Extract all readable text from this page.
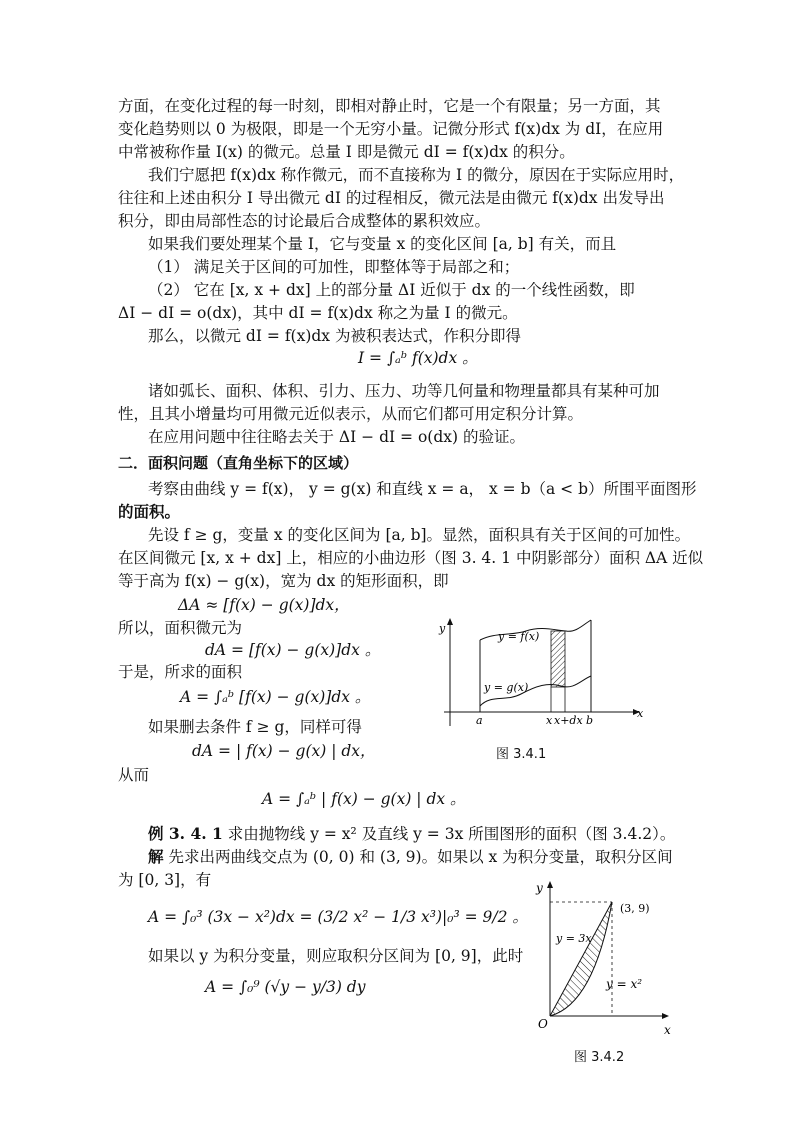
方面，在变化过程的每一时刻，即相对静止时，它是一个有限量；另一方面，其
变化趋势则以 0 为极限，即是一个无穷小量。记微分形式 f(x)dx 为 dI，在应用
中常被称作量 I(x) 的微元。总量 I 即是微元 dI = f(x)dx 的积分。
我们宁愿把 f(x)dx 称作微元，而不直接称为 I 的微分，原因在于实际应用时，
往往和上述由积分 I 导出微元 dI 的过程相反，微元法是由微元 f(x)dx 出发导出
积分，即由局部性态的讨论最后合成整体的累积效应。
如果我们要处理某个量 I，它与变量 x 的变化区间 [a, b] 有关，而且
（1） 满足关于区间的可加性，即整体等于局部之和；
（2） 它在 [x, x + dx] 上的部分量 ΔI 近似于 dx 的一个线性函数，即
ΔI − dI = o(dx)，其中 dI = f(x)dx 称之为量 I 的微元。
那么，以微元 dI = f(x)dx 为被积表达式，作积分即得
I = ∫ₐᵇ f(x)dx 。
诸如弧长、面积、体积、引力、压力、功等几何量和物理量都具有某种可加
性，且其小增量均可用微元近似表示，从而它们都可用定积分计算。
在应用问题中往往略去关于 ΔI − dI = o(dx) 的验证。
二．面积问题（直角坐标下的区域）
考察由曲线 y = f(x)， y = g(x) 和直线 x = a， x = b（a < b）所围平面图形
的面积。
先设 f ≥ g，变量 x 的变化区间为 [a, b]。显然，面积具有关于区间的可加性。
在区间微元 [x, x + dx] 上，相应的小曲边形（图 3. 4. 1 中阴影部分）面积 ΔA 近似
等于高为 f(x) − g(x)，宽为 dx 的矩形面积，即
ΔA ≈ [f(x) − g(x)]dx，
所以，面积微元为
dA = [f(x) − g(x)]dx 。
于是，所求的面积
A = ∫ₐᵇ [f(x) − g(x)]dx 。
如果删去条件 f ≥ g，同样可得
dA = | f(x) − g(x) | dx，
从而
A = ∫ₐᵇ | f(x) − g(x) | dx 。
y
x
y = f(x)
y = g(x)
a	x x+dx b
图 3.4.1
例 3. 4. 1 求由抛物线 y = x² 及直线 y = 3x 所围图形的面积（图 3.4.2）。
解 先求出两曲线交点为 (0, 0) 和 (3, 9)。如果以 x 为积分变量，取积分区间
为 [0, 3]，有
A = ∫₀³ (3x − x²)dx = (3/2 x² − 1/3 x³)|₀³ = 9/2 。
如果以 y 为积分变量，则应取积分区间为 [0, 9]，此时
A = ∫₀⁹ (√y − y/3) dy
y
x
O
(3, 9)
y = 3x
y = x²
图 3.4.2
